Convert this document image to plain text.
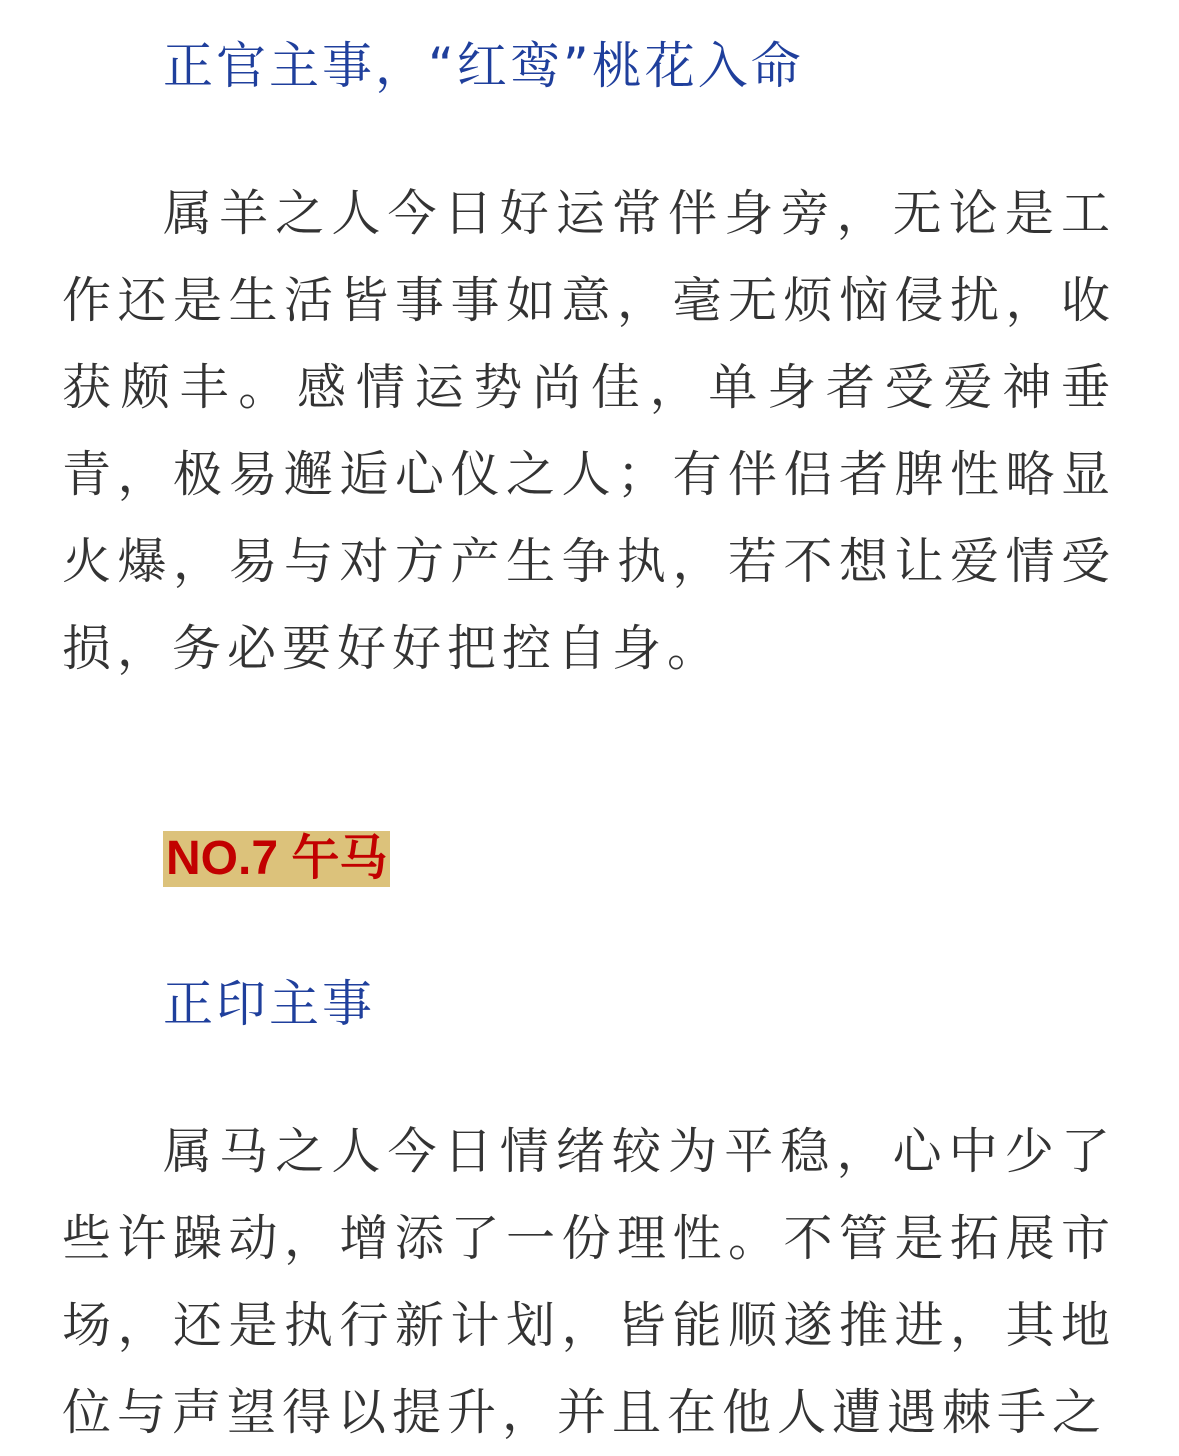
正官主事，“红鸾”桃花入命

属羊之人今日好运常伴身旁，无论是工作还是生活皆事事如意，毫无烦恼侵扰，收获颇丰。感情运势尚佳，单身者受爱神垂青，极易邂逅心仪之人；有伴侣者脾性略显火爆，易与对方产生争执，若不想让爱情受损，务必要好好把控自身。

NO.7 午马
正印主事

属马之人今日情绪较为平稳，心中少了些许躁动，增添了一份理性。不管是拓展市场，还是执行新计划，皆能顺遂推进，其地位与声望得以提升，并且在他人遭遇棘手之
